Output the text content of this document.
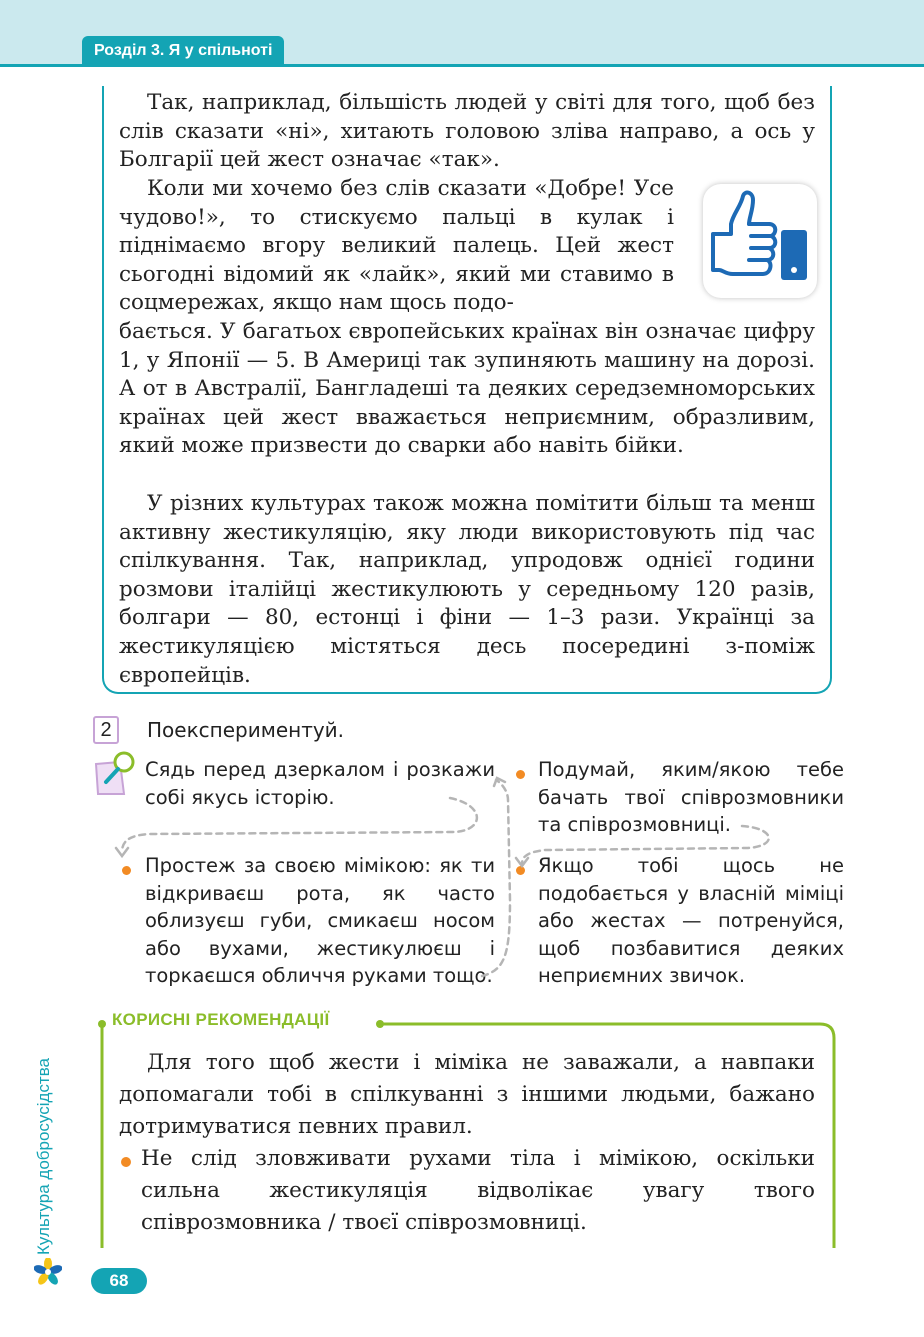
Розділ 3. Я у спільноті

Так, наприклад, більшість людей у світі для того, щоб без слів сказати «ні», хитають головою зліва направо, а ось у Болгарії цей жест означає «так».

Коли ми хочемо без слів сказати «Добре! Усе чудово!», то стискуємо пальці в кулак і піднімаємо вгору великий палець. Цей жест сьогодні відомий як «лайк», який ми ставимо в соцмережах, якщо нам щось подо-

бається. У багатьох європейських країнах він означає цифру 1, у Японії — 5. В Америці так зупиняють машину на дорозі. А от в Австралії, Бангладеші та деяких середземноморських країнах цей жест вважається неприємним, образливим, який може призвести до сварки або навіть бійки.

У різних культурах також можна помітити більш та менш активну жестикуляцію, яку люди використовують під час спілкування. Так, наприклад, упродовж однієї години розмови італійці жестикулюють у середньому 120 разів, болгари — 80, естонці і фіни — 1–3 рази. Українці за жестикуляцією містяться десь посередині з-поміж європейців.

2	Поекспериментуй.

Сядь перед дзеркалом і розкажи собі якусь історію.

Простеж за своєю мімікою: як ти відкриваєш рота, як часто облизуєш губи, смикаєш носом або вухами, жестикулюєш і торкаєшся обличчя руками тощо.

Подумай, яким/якою тебе бачать твої співрозмовники та співрозмовниці.

Якщо тобі щось не подобається у власній міміці або жестах — потренуйся, щоб позбавитися деяких неприємних звичок.

КОРИСНІ РЕКОМЕНДАЦІЇ

Для того щоб жести і міміка не заважали, а навпаки допомагали тобі в спілкуванні з іншими людьми, бажано дотримуватися певних правил.

Не слід зловживати рухами тіла і мімікою, оскільки сильна жестикуляція відволікає увагу твого співрозмовника / твоєї співрозмовниці.

Культура добросусідства
68
